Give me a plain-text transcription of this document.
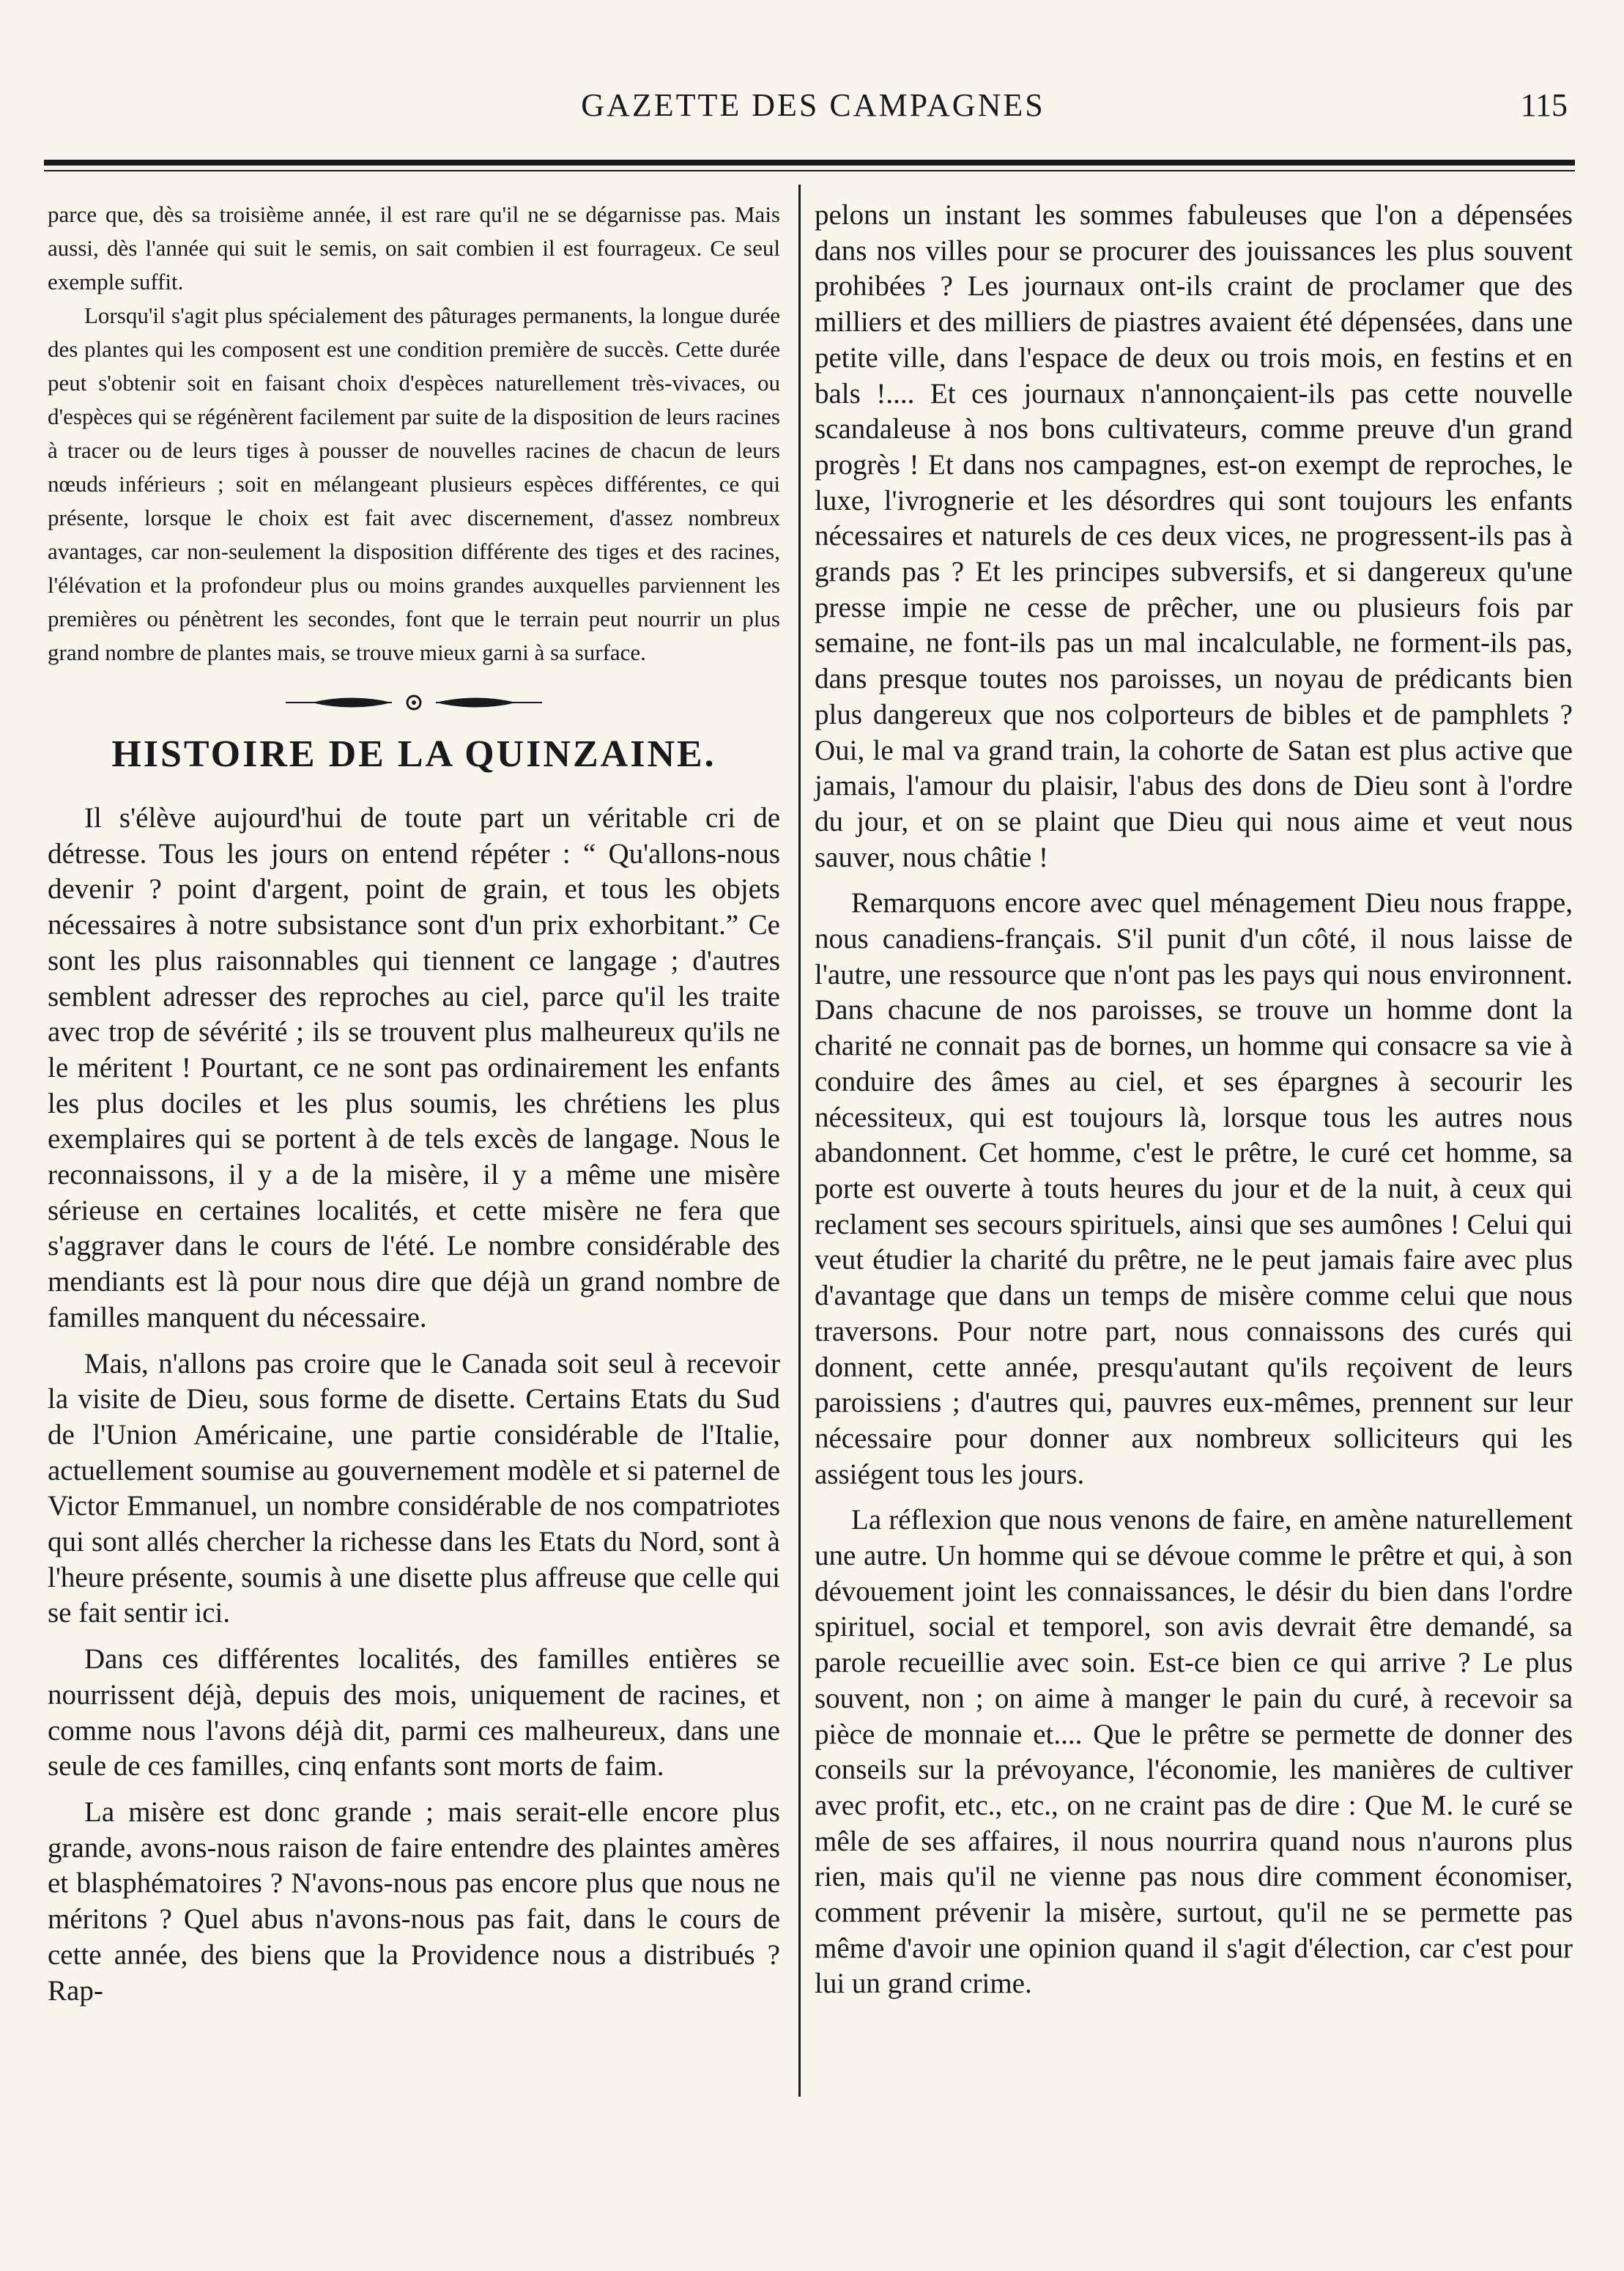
GAZETTE DES CAMPAGNES	115

parce que, dès sa troisième année, il est rare qu'il ne se dégarnisse pas. Mais aussi, dès l'année qui suit le semis, on sait combien il est fourrageux. Ce seul exemple suffit.

Lorsqu'il s'agit plus spécialement des pâturages permanents, la longue durée des plantes qui les composent est une condition première de succès. Cette durée peut s'obtenir soit en faisant choix d'espèces naturellement très-vivaces, ou d'espèces qui se régénèrent facilement par suite de la disposition de leurs racines à tracer ou de leurs tiges à pousser de nouvelles racines de chacun de leurs nœuds inférieurs ; soit en mélangeant plusieurs espèces différentes, ce qui présente, lorsque le choix est fait avec discernement, d'assez nombreux avantages, car non-seulement la disposition différente des tiges et des racines, l'élévation et la profondeur plus ou moins grandes auxquelles parviennent les premières ou pénètrent les secondes, font que le terrain peut nourrir un plus grand nombre de plantes mais, se trouve mieux garni à sa surface.

HISTOIRE DE LA QUINZAINE.

Il s'élève aujourd'hui de toute part un véritable cri de détresse. Tous les jours on entend répéter : “ Qu'allons-nous devenir ? point d'argent, point de grain, et tous les objets nécessaires à notre subsistance sont d'un prix exhorbitant.” Ce sont les plus raisonnables qui tiennent ce langage ; d'autres semblent adresser des reproches au ciel, parce qu'il les traite avec trop de sévérité ; ils se trouvent plus malheureux qu'ils ne le méritent ! Pourtant, ce ne sont pas ordinairement les enfants les plus dociles et les plus soumis, les chrétiens les plus exemplaires qui se portent à de tels excès de langage. Nous le reconnaissons, il y a de la misère, il y a même une misère sérieuse en certaines localités, et cette misère ne fera que s'aggraver dans le cours de l'été. Le nombre considérable des mendiants est là pour nous dire que déjà un grand nombre de familles manquent du nécessaire.

Mais, n'allons pas croire que le Canada soit seul à recevoir la visite de Dieu, sous forme de disette. Certains Etats du Sud de l'Union Américaine, une partie considérable de l'Italie, actuellement soumise au gouvernement modèle et si paternel de Victor Emmanuel, un nombre considérable de nos compatriotes qui sont allés chercher la richesse dans les Etats du Nord, sont à l'heure présente, soumis à une disette plus affreuse que celle qui se fait sentir ici.

Dans ces différentes localités, des familles entières se nourrissent déjà, depuis des mois, uniquement de racines, et comme nous l'avons déjà dit, parmi ces malheureux, dans une seule de ces familles, cinq enfants sont morts de faim.

La misère est donc grande ; mais serait-elle encore plus grande, avons-nous raison de faire entendre des plaintes amères et blasphématoires ? N'avons-nous pas encore plus que nous ne méritons ? Quel abus n'avons-nous pas fait, dans le cours de cette année, des biens que la Providence nous a distribués ? Rap-

pelons un instant les sommes fabuleuses que l'on a dépensées dans nos villes pour se procurer des jouissances les plus souvent prohibées ? Les journaux ont-ils craint de proclamer que des milliers et des milliers de piastres avaient été dépensées, dans une petite ville, dans l'espace de deux ou trois mois, en festins et en bals !.... Et ces journaux n'annonçaient-ils pas cette nouvelle scandaleuse à nos bons cultivateurs, comme preuve d'un grand progrès ! Et dans nos campagnes, est-on exempt de reproches, le luxe, l'ivrognerie et les désordres qui sont toujours les enfants nécessaires et naturels de ces deux vices, ne progressent-ils pas à grands pas ? Et les principes subversifs, et si dangereux qu'une presse impie ne cesse de prêcher, une ou plusieurs fois par semaine, ne font-ils pas un mal incalculable, ne forment-ils pas, dans presque toutes nos paroisses, un noyau de prédicants bien plus dangereux que nos colporteurs de bibles et de pamphlets ? Oui, le mal va grand train, la cohorte de Satan est plus active que jamais, l'amour du plaisir, l'abus des dons de Dieu sont à l'ordre du jour, et on se plaint que Dieu qui nous aime et veut nous sauver, nous châtie !

Remarquons encore avec quel ménagement Dieu nous frappe, nous canadiens-français. S'il punit d'un côté, il nous laisse de l'autre, une ressource que n'ont pas les pays qui nous environnent. Dans chacune de nos paroisses, se trouve un homme dont la charité ne connait pas de bornes, un homme qui consacre sa vie à conduire des âmes au ciel, et ses épargnes à secourir les nécessiteux, qui est toujours là, lorsque tous les autres nous abandonnent. Cet homme, c'est le prêtre, le curé cet homme, sa porte est ouverte à touts heures du jour et de la nuit, à ceux qui reclament ses secours spirituels, ainsi que ses aumônes ! Celui qui veut étudier la charité du prêtre, ne le peut jamais faire avec plus d'avantage que dans un temps de misère comme celui que nous traversons. Pour notre part, nous connaissons des curés qui donnent, cette année, presqu'autant qu'ils reçoivent de leurs paroissiens ; d'autres qui, pauvres eux-mêmes, prennent sur leur nécessaire pour donner aux nombreux solliciteurs qui les assiégent tous les jours.

La réflexion que nous venons de faire, en amène naturellement une autre. Un homme qui se dévoue comme le prêtre et qui, à son dévouement joint les connaissances, le désir du bien dans l'ordre spirituel, social et temporel, son avis devrait être demandé, sa parole recueillie avec soin. Est-ce bien ce qui arrive ? Le plus souvent, non ; on aime à manger le pain du curé, à recevoir sa pièce de monnaie et.... Que le prêtre se permette de donner des conseils sur la prévoyance, l'économie, les manières de cultiver avec profit, etc., etc., on ne craint pas de dire : Que M. le curé se mêle de ses affaires, il nous nourrira quand nous n'aurons plus rien, mais qu'il ne vienne pas nous dire comment économiser, comment prévenir la misère, surtout, qu'il ne se permette pas même d'avoir une opinion quand il s'agit d'élection, car c'est pour lui un grand crime.
